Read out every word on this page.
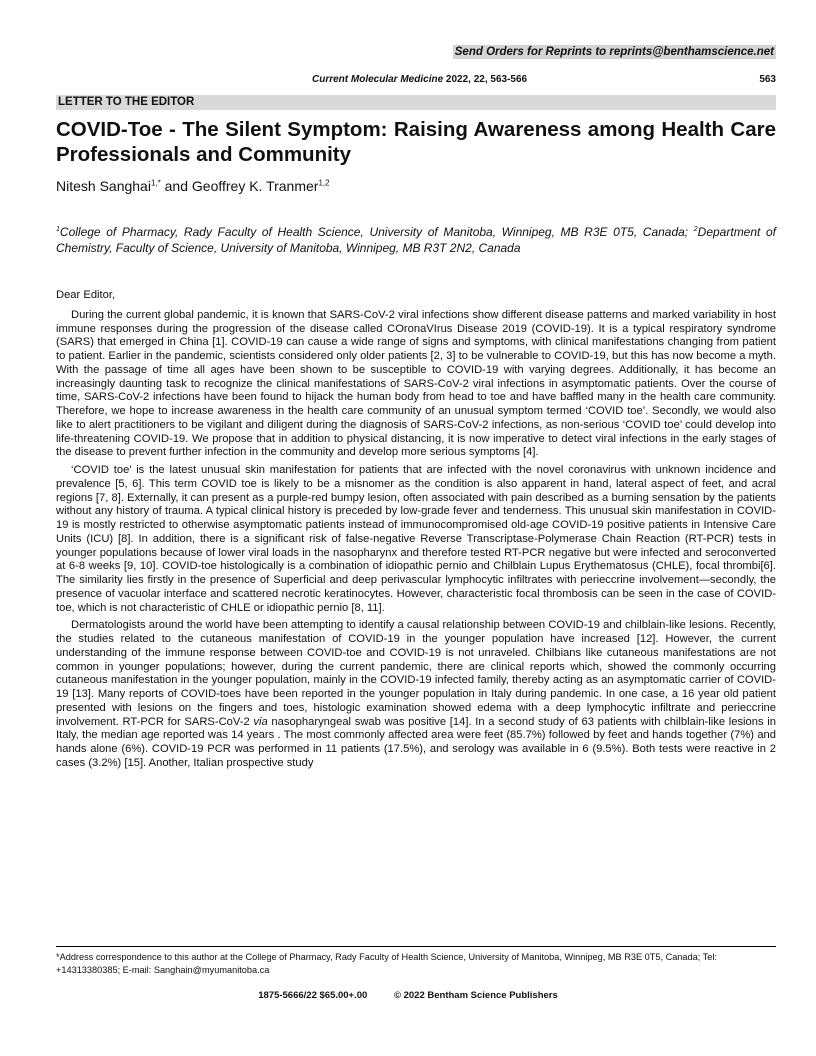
Send Orders for Reprints to reprints@benthamscience.net
Current Molecular Medicine 2022, 22, 563-566	563
LETTER TO THE EDITOR
COVID-Toe - The Silent Symptom: Raising Awareness among Health Care Professionals and Community
Nitesh Sanghai$^{1,*}$ and Geoffrey K. Tranmer$^{1,2}$
$^1$College of Pharmacy, Rady Faculty of Health Science, University of Manitoba, Winnipeg, MB R3E 0T5, Canada; $^2$Department of Chemistry, Faculty of Science, University of Manitoba, Winnipeg, MB R3T 2N2, Canada

Dear Editor,

During the current global pandemic, it is known that SARS-CoV-2 viral infections show different disease patterns and marked variability in host immune responses during the progression of the disease called COronaVIrus Disease 2019 (COVID-19). It is a typical respiratory syndrome (SARS) that emerged in China [1]. COVID-19 can cause a wide range of signs and symptoms, with clinical manifestations changing from patient to patient. Earlier in the pandemic, scientists considered only older patients [2, 3] to be vulnerable to COVID-19, but this has now become a myth. With the passage of time all ages have been shown to be susceptible to COVID-19 with varying degrees. Additionally, it has become an increasingly daunting task to recognize the clinical manifestations of SARS-CoV-2 viral infections in asymptomatic patients. Over the course of time, SARS-CoV-2 infections have been found to hijack the human body from head to toe and have baffled many in the health care community. Therefore, we hope to increase awareness in the health care community of an unusual symptom termed ‘COVID toe’. Secondly, we would also like to alert practitioners to be vigilant and diligent during the diagnosis of SARS-CoV-2 infections, as non-serious ‘COVID toe’ could develop into life-threatening COVID-19. We propose that in addition to physical distancing, it is now imperative to detect viral infections in the early stages of the disease to prevent further infection in the community and develop more serious symptoms [4].

‘COVID toe’ is the latest unusual skin manifestation for patients that are infected with the novel coronavirus with unknown incidence and prevalence [5, 6]. This term COVID toe is likely to be a misnomer as the condition is also apparent in hand, lateral aspect of feet, and acral regions [7, 8]. Externally, it can present as a purple-red bumpy lesion, often associated with pain described as a burning sensation by the patients without any history of trauma. A typical clinical history is preceded by low-grade fever and tenderness. This unusual skin manifestation in COVID-19 is mostly restricted to otherwise asymptomatic patients instead of immunocompromised old-age COVID-19 positive patients in Intensive Care Units (ICU) [8]. In addition, there is a significant risk of false-negative Reverse Transcriptase-Polymerase Chain Reaction (RT-PCR) tests in younger populations because of lower viral loads in the nasopharynx and therefore tested RT-PCR negative but were infected and seroconverted at 6-8 weeks [9, 10]. COVID-toe histologically is a combination of idiopathic pernio and Chilblain Lupus Erythematosus (CHLE), focal thrombi[6]. The similarity lies firstly in the presence of Superficial and deep perivascular lymphocytic infiltrates with perieccrine involvement—secondly, the presence of vacuolar interface and scattered necrotic keratinocytes. However, characteristic focal thrombosis can be seen in the case of COVID-toe, which is not characteristic of CHLE or idiopathic pernio [8, 11].

Dermatologists around the world have been attempting to identify a causal relationship between COVID-19 and chilblain-like lesions. Recently, the studies related to the cutaneous manifestation of COVID-19 in the younger population have increased [12]. However, the current understanding of the immune response between COVID-toe and COVID-19 is not unraveled. Chilbians like cutaneous manifestations are not common in younger populations; however, during the current pandemic, there are clinical reports which, showed the commonly occurring cutaneous manifestation in the younger population, mainly in the COVID-19 infected family, thereby acting as an asymptomatic carrier of COVID-19 [13]. Many reports of COVID-toes have been reported in the younger population in Italy during pandemic. In one case, a 16 year old patient presented with lesions on the fingers and toes, histologic examination showed edema with a deep lymphocytic infiltrate and perieccrine involvement. RT-PCR for SARS-CoV-2 via nasopharyngeal swab was positive [14]. In a second study of 63 patients with chilblain-like lesions in Italy, the median age reported was 14 years . The most commonly affected area were feet (85.7%) followed by feet and hands together (7%) and hands alone (6%). COVID-19 PCR was performed in 11 patients (17.5%), and serology was available in 6 (9.5%). Both tests were reactive in 2 cases (3.2%) [15]. Another, Italian prospective study

*Address correspondence to this author at the College of Pharmacy, Rady Faculty of Health Science, University of Manitoba, Winnipeg, MB R3E 0T5, Canada; Tel: +14313380385; E-mail: Sanghain@myumanitoba.ca
1875-5666/22 $65.00+.00	© 2022 Bentham Science Publishers
